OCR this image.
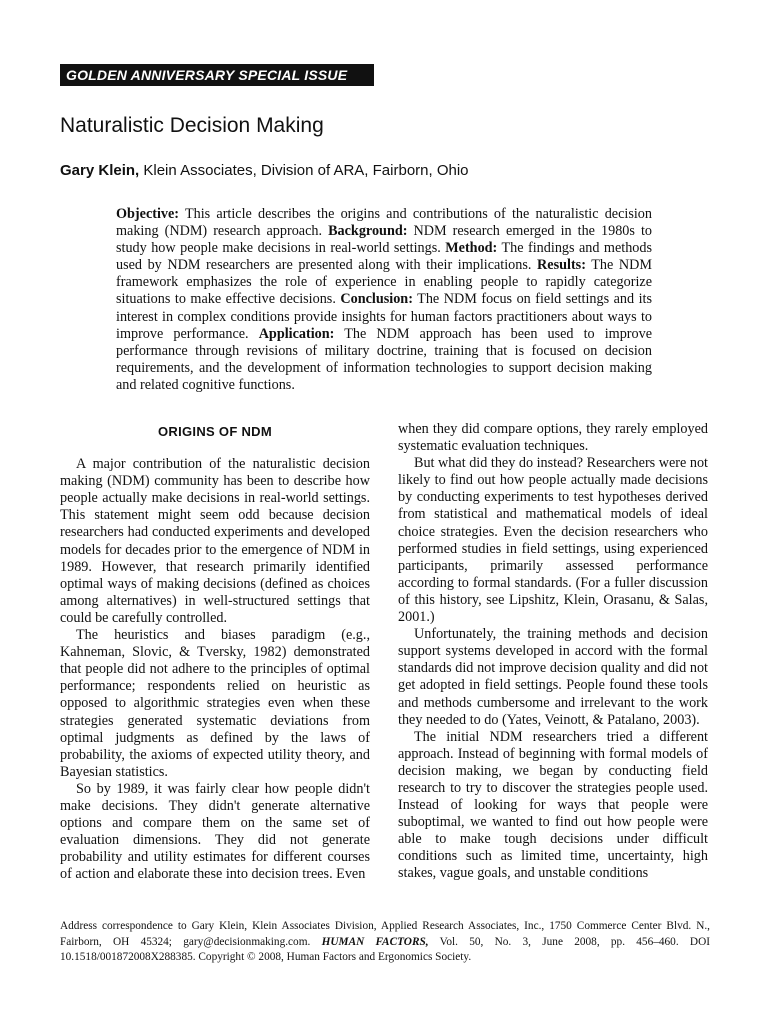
GOLDEN ANNIVERSARY SPECIAL ISSUE
Naturalistic Decision Making
Gary Klein, Klein Associates, Division of ARA, Fairborn, Ohio

Objective: This article describes the origins and contributions of the naturalistic decision making (NDM) research approach. Background: NDM research emerged in the 1980s to study how people make decisions in real-world settings. Method: The findings and methods used by NDM researchers are presented along with their implications. Results: The NDM framework emphasizes the role of experience in enabling people to rapidly categorize situations to make effective decisions. Conclusion: The NDM focus on field settings and its interest in complex conditions provide insights for human factors practitioners about ways to improve performance. Application: The NDM approach has been used to improve performance through revisions of military doctrine, training that is focused on decision requirements, and the development of information technologies to support decision making and related cognitive functions.

ORIGINS OF NDM

A major contribution of the naturalistic decision making (NDM) community has been to describe how people actually make decisions in real-world settings. This statement might seem odd because decision researchers had conducted experiments and developed models for decades prior to the emergence of NDM in 1989. However, that research primarily identified optimal ways of making decisions (defined as choices among alternatives) in well-structured settings that could be carefully controlled.

The heuristics and biases paradigm (e.g., Kahneman, Slovic, & Tversky, 1982) demonstrated that people did not adhere to the principles of optimal performance; respondents relied on heuristic as opposed to algorithmic strategies even when these strategies generated systematic deviations from optimal judgments as defined by the laws of probability, the axioms of expected utility theory, and Bayesian statistics.

So by 1989, it was fairly clear how people didn't make decisions. They didn't generate alternative options and compare them on the same set of evaluation dimensions. They did not generate probability and utility estimates for different courses of action and elaborate these into decision trees. Even

when they did compare options, they rarely employed systematic evaluation techniques.

But what did they do instead? Researchers were not likely to find out how people actually made decisions by conducting experiments to test hypotheses derived from statistical and mathematical models of ideal choice strategies. Even the decision researchers who performed studies in field settings, using experienced participants, primarily assessed performance according to formal standards. (For a fuller discussion of this history, see Lipshitz, Klein, Orasanu, & Salas, 2001.)

Unfortunately, the training methods and decision support systems developed in accord with the formal standards did not improve decision quality and did not get adopted in field settings. People found these tools and methods cumbersome and irrelevant to the work they needed to do (Yates, Veinott, & Patalano, 2003).

The initial NDM researchers tried a different approach. Instead of beginning with formal models of decision making, we began by conducting field research to try to discover the strategies people used. Instead of looking for ways that people were suboptimal, we wanted to find out how people were able to make tough decisions under difficult conditions such as limited time, uncertainty, high stakes, vague goals, and unstable conditions

Address correspondence to Gary Klein, Klein Associates Division, Applied Research Associates, Inc., 1750 Commerce Center Blvd. N., Fairborn, OH 45324; gary@decisionmaking.com. HUMAN FACTORS, Vol. 50, No. 3, June 2008, pp. 456–460. DOI 10.1518/001872008X288385. Copyright © 2008, Human Factors and Ergonomics Society.
